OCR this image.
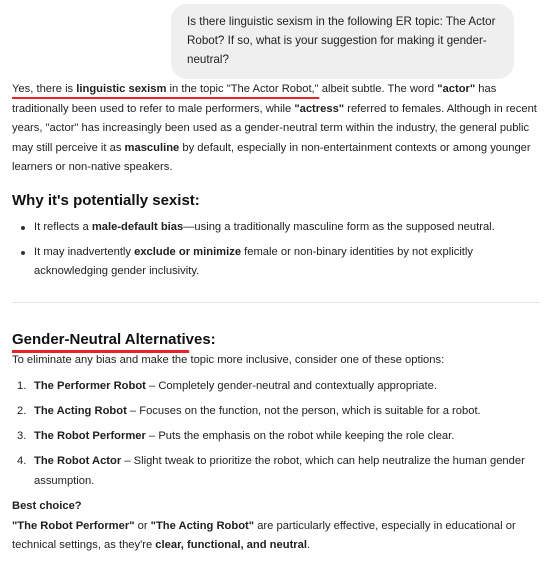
Is there linguistic sexism in the following ER topic: The Actor Robot? If so, what is your suggestion for making it gender-neutral?

Yes, there is linguistic sexism in the topic "The Actor Robot," albeit subtle. The word "actor" has traditionally been used to refer to male performers, while "actress" referred to females. Although in recent years, "actor" has increasingly been used as a gender-neutral term within the industry, the general public may still perceive it as masculine by default, especially in non-entertainment contexts or among younger learners or non-native speakers.

Why it's potentially sexist:
It reflects a male-default bias—using a traditionally masculine form as the supposed neutral.
It may inadvertently exclude or minimize female or non-binary identities by not explicitly acknowledging gender inclusivity.
Gender-Neutral Alternatives:

To eliminate any bias and make the topic more inclusive, consider one of these options:

1. The Performer Robot – Completely gender-neutral and contextually appropriate.
2. The Acting Robot – Focuses on the function, not the person, which is suitable for a robot.
3. The Robot Performer – Puts the emphasis on the robot while keeping the role clear.
4. The Robot Actor – Slight tweak to prioritize the robot, which can help neutralize the human gender assumption.

Best choice?

"The Robot Performer" or "The Acting Robot" are particularly effective, especially in educational or technical settings, as they're clear, functional, and neutral.
